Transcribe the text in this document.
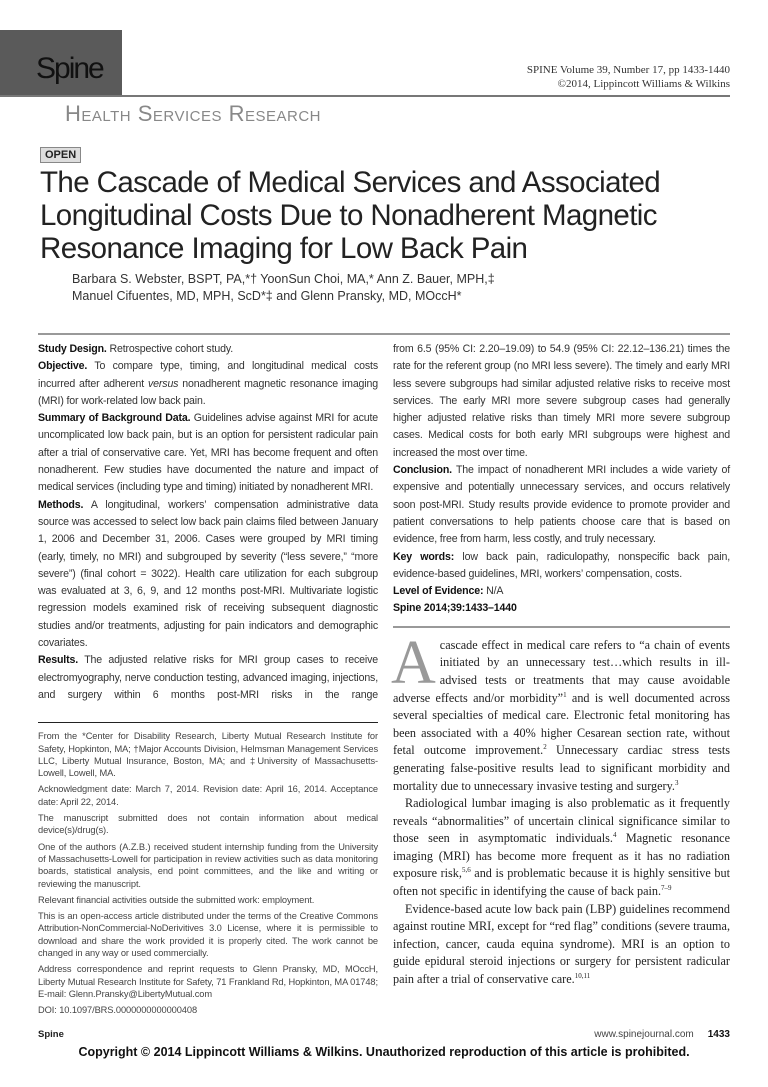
Spine	SPINE Volume 39, Number 17, pp 1433-1440
©2014, Lippincott Williams & Wilkins
Health Services Research
OPEN
The Cascade of Medical Services and Associated Longitudinal Costs Due to Nonadherent Magnetic Resonance Imaging for Low Back Pain
Barbara S. Webster, BSPT, PA,*† YoonSun Choi, MA,* Ann Z. Bauer, MPH,‡
Manuel Cifuentes, MD, MPH, ScD*‡ and Glenn Pransky, MD, MOccH*
Study Design. Retrospective cohort study.
Objective. To compare type, timing, and longitudinal medical costs incurred after adherent versus nonadherent magnetic resonance imaging (MRI) for work-related low back pain.
Summary of Background Data. Guidelines advise against MRI for acute uncomplicated low back pain, but is an option for persistent radicular pain after a trial of conservative care. Yet, MRI has become frequent and often nonadherent. Few studies have documented the nature and impact of medical services (including type and timing) initiated by nonadherent MRI.
Methods. A longitudinal, workers’ compensation administrative data source was accessed to select low back pain claims filed between January 1, 2006 and December 31, 2006. Cases were grouped by MRI timing (early, timely, no MRI) and subgrouped by severity (“less severe,” “more severe”) (final cohort = 3022). Health care utilization for each subgroup was evaluated at 3, 6, 9, and 12 months post-MRI. Multivariate logistic regression models examined risk of receiving subsequent diagnostic studies and/or treatments, adjusting for pain indicators and demographic covariates.
Results. The adjusted relative risks for MRI group cases to receive electromyography, nerve conduction testing, advanced imaging, injections, and surgery within 6 months post-MRI risks in the range

From the *Center for Disability Research, Liberty Mutual Research Institute for Safety, Hopkinton, MA; †Major Accounts Division, Helmsman Management Services LLC, Liberty Mutual Insurance, Boston, MA; and ‡University of Massachusetts-Lowell, Lowell, MA.

Acknowledgment date: March 7, 2014. Revision date: April 16, 2014. Acceptance date: April 22, 2014.

The manuscript submitted does not contain information about medical device(s)/drug(s).

One of the authors (A.Z.B.) received student internship funding from the University of Massachusetts-Lowell for participation in review activities such as data monitoring boards, statistical analysis, end point committees, and the like and writing or reviewing the manuscript.

Relevant financial activities outside the submitted work: employment.

This is an open-access article distributed under the terms of the Creative Commons Attribution-NonCommercial-NoDerivitives 3.0 License, where it is permissible to download and share the work provided it is properly cited. The work cannot be changed in any way or used commercially.

Address correspondence and reprint requests to Glenn Pransky, MD, MOccH, Liberty Mutual Research Institute for Safety, 71 Frankland Rd, Hopkinton, MA 01748; E-mail: Glenn.Pransky@LibertyMutual.com

DOI: 10.1097/BRS.0000000000000408

from 6.5 (95% CI: 2.20–19.09) to 54.9 (95% CI: 22.12–136.21) times the rate for the referent group (no MRI less severe). The timely and early MRI less severe subgroups had similar adjusted relative risks to receive most services. The early MRI more severe subgroup cases had generally higher adjusted relative risks than timely MRI more severe subgroup cases. Medical costs for both early MRI subgroups were highest and increased the most over time.
Conclusion. The impact of nonadherent MRI includes a wide variety of expensive and potentially unnecessary services, and occurs relatively soon post-MRI. Study results provide evidence to promote provider and patient conversations to help patients choose care that is based on evidence, free from harm, less costly, and truly necessary.
Key words: low back pain, radiculopathy, nonspecific back pain, evidence-based guidelines, MRI, workers’ compensation, costs.
Level of Evidence: N/A
Spine 2014;39:1433–1440

Acascade effect in medical care refers to “a chain of events initiated by an unnecessary test…which results in ill-advised tests or treatments that may cause avoidable adverse effects and/or morbidity”$^1$ and is well documented across several specialties of medical care. Electronic fetal monitoring has been associated with a 40% higher Cesarean section rate, without fetal outcome improvement.$^2$ Unnecessary cardiac stress tests generating false-positive results lead to significant morbidity and mortality due to unnecessary invasive testing and surgery.$^3$

Radiological lumbar imaging is also problematic as it frequently reveals “abnormalities” of uncertain clinical significance similar to those seen in asymptomatic individuals.$^4$ Magnetic resonance imaging (MRI) has become more frequent as it has no radiation exposure risk,$^{5,6}$ and is problematic because it is highly sensitive but often not specific in identifying the cause of back pain.$^{7-9}$

Evidence-based acute low back pain (LBP) guidelines recommend against routine MRI, except for “red flag” conditions (severe trauma, infection, cancer, cauda equina syndrome). MRI is an option to guide epidural steroid injections or surgery for persistent radicular pain after a trial of conservative care.$^{10,11}$

Spine	www.spinejournal.com 1433
Copyright © 2014 Lippincott Williams & Wilkins. Unauthorized reproduction of this article is prohibited.
